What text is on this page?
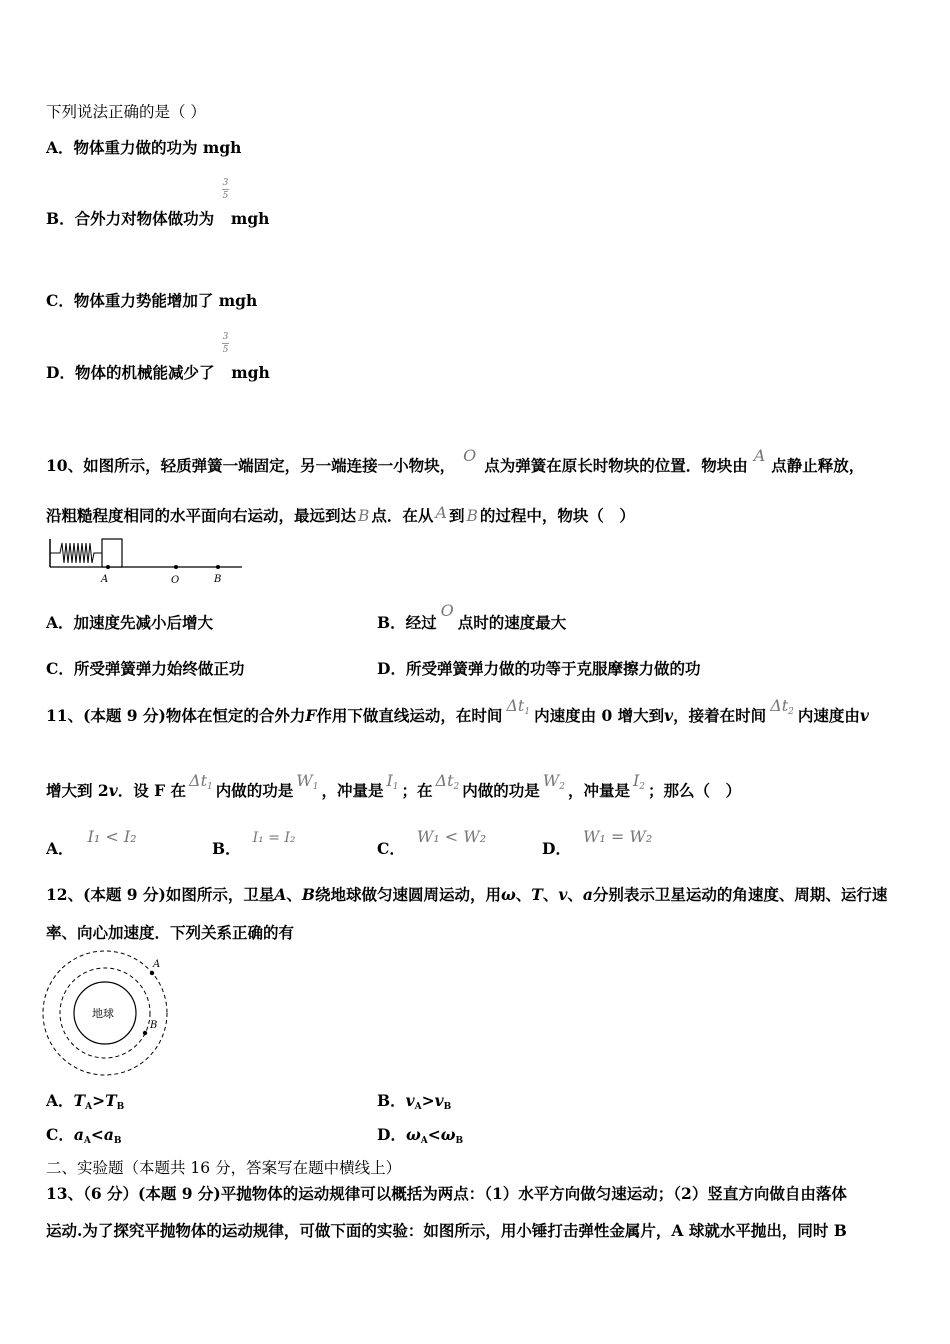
下列说法正确的是（ ）
A．物体重力做的功为 mgh
3
5
B．合外力对物体做功为 mgh
C．物体重力势能增加了 mgh
3
5
D．物体的机械能减少了 mgh
10、如图所示，轻质弹簧一端固定，另一端连接一小物块，O点为弹簧在原长时物块的位置．物块由A点静止释放，
沿粗糙程度相同的水平面向右运动，最远到达 B 点．在从 A 到 B 的过程中，物块（　）
A	O	B
A．加速度先减小后增大	B．经过O点时的速度最大
C．所受弹簧弹力始终做正功	D．所受弹簧弹力做的功等于克服摩擦力做的功
11、(本题 9 分)物体在恒定的合外力F作用下做直线运动，在时间$\Delta t_1$ 内速度由 0 增大到v，接着在时间$\Delta t_2$ 内速度由v
增大到 2v．设 F 在$\Delta t_1$ 内做的功是$W_1$ ，冲量是$I_1$ ；在$\Delta t_2$ 内做的功是$W_2$ ，冲量是$I_2$ ；那么（　）
A．I₁ < I₂
B．I₁ = I₂
C．W₁ < W₂
D．W₁ = W₂
12、(本题 9 分)如图所示，卫星A、B绕地球做匀速圆周运动，用ω、T、v、a分别表示卫星运动的角速度、周期、运行速
率、向心加速度．下列关系正确的有
地球
A
B
A．$T_A>T_B$	B．$v_A>v_B$
C．$a_A<a_B$	D．$\omega_A<\omega_B$
二、实验题（本题共 16 分，答案写在题中横线上）
13、（6 分）(本题 9 分)平抛物体的运动规律可以概括为两点：（1）水平方向做匀速运动；（2）竖直方向做自由落体
运动.为了探究平抛物体的运动规律，可做下面的实验：如图所示，用小锤打击弹性金属片，A 球就水平抛出，同时 B
